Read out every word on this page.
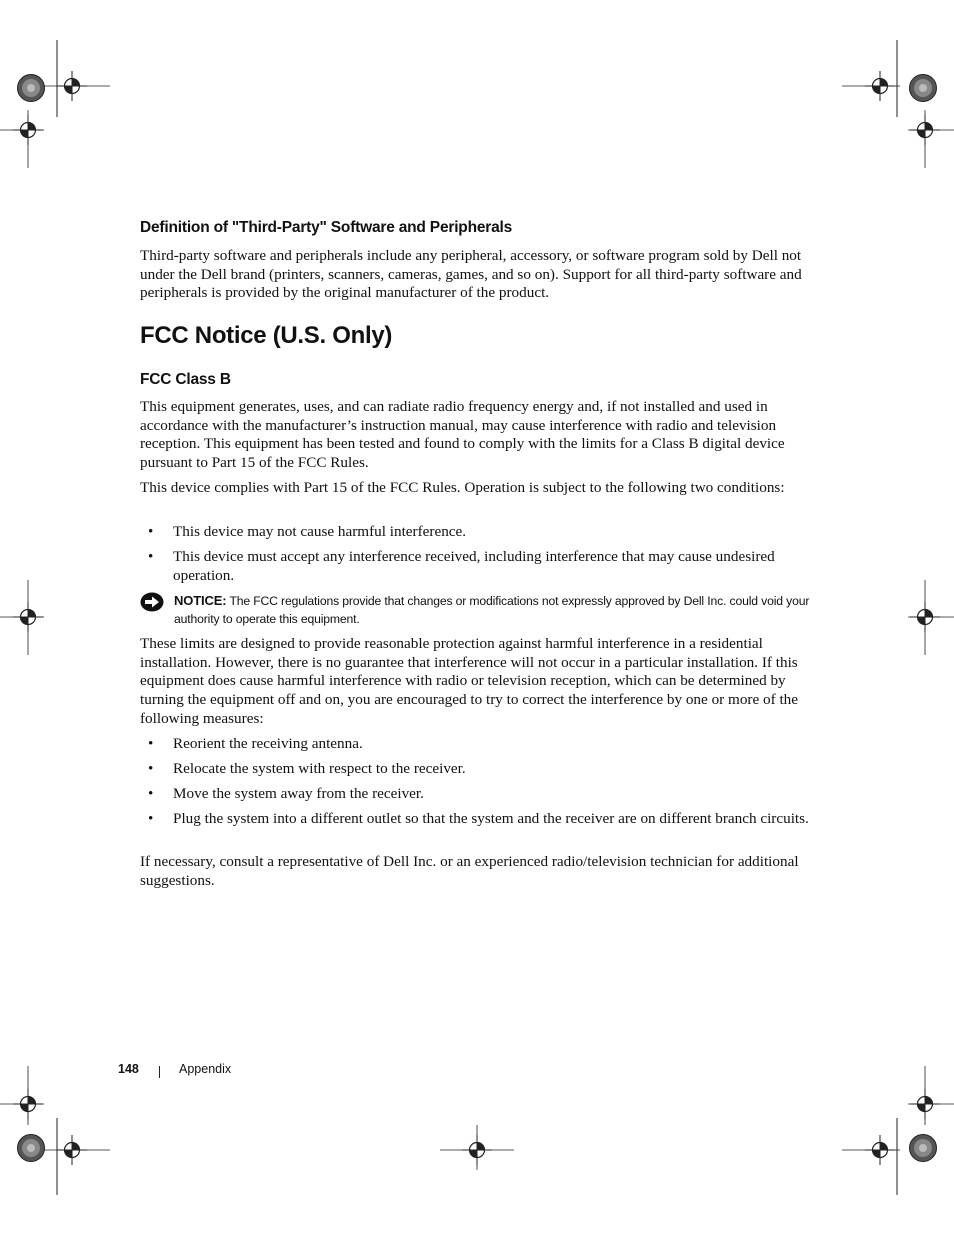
Definition of "Third-Party" Software and Peripherals

Third-party software and peripherals include any peripheral, accessory, or software program sold by Dell not under the Dell brand (printers, scanners, cameras, games, and so on). Support for all third-party software and peripherals is provided by the original manufacturer of the product.

FCC Notice (U.S. Only)
FCC Class B

This equipment generates, uses, and can radiate radio frequency energy and, if not installed and used in accordance with the manufacturer’s instruction manual, may cause interference with radio and television reception. This equipment has been tested and found to comply with the limits for a Class B digital device pursuant to Part 15 of the FCC Rules.

This device complies with Part 15 of the FCC Rules. Operation is subject to the following two conditions:

• This device may not cause harmful interference.
• This device must accept any interference received, including interference that may cause undesired operation.
NOTICE: The FCC regulations provide that changes or modifications not expressly approved by Dell Inc. could void your authority to operate this equipment.

These limits are designed to provide reasonable protection against harmful interference in a residential installation. However, there is no guarantee that interference will not occur in a particular installation. If this equipment does cause harmful interference with radio or television reception, which can be determined by turning the equipment off and on, you are encouraged to try to correct the interference by one or more of the following measures:

• Reorient the receiving antenna.
• Relocate the system with respect to the receiver.
• Move the system away from the receiver.
• Plug the system into a different outlet so that the system and the receiver are on different branch circuits.

If necessary, consult a representative of Dell Inc. or an experienced radio/television technician for additional suggestions.

148	Appendix
